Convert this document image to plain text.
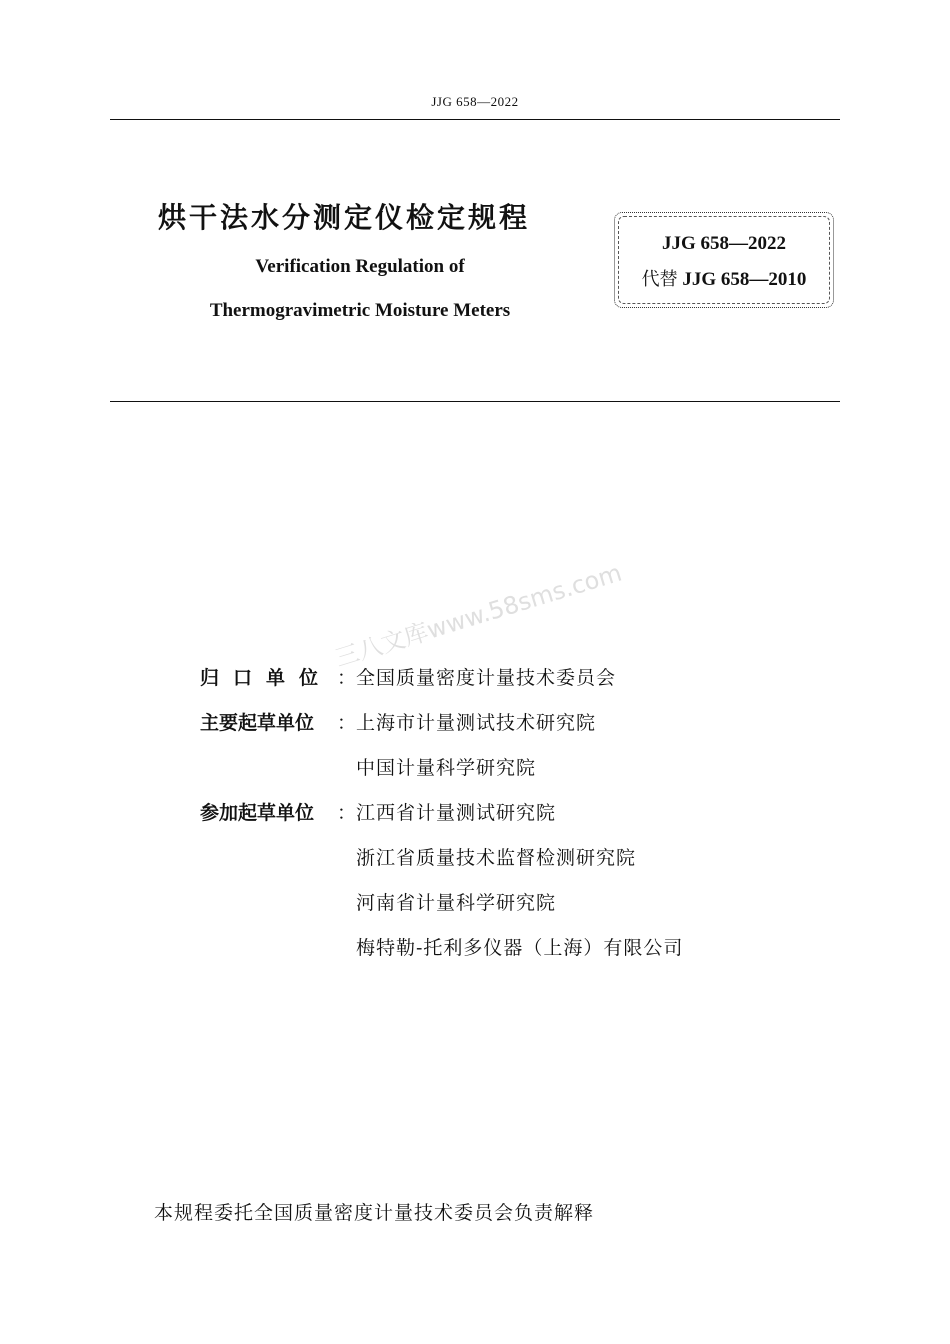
JJG 658—2022
烘干法水分测定仪检定规程
Verification Regulation of
Thermogravimetric Moisture Meters
JJG 658—2022
代替 JJG 658—2010
三八文库www.58sms.com
归口单位 ： 全国质量密度计量技术委员会
主要起草单位 ： 上海市计量测试技术研究院
中国计量科学研究院
参加起草单位 ： 江西省计量测试研究院
浙江省质量技术监督检测研究院
河南省计量科学研究院
梅特勒-托利多仪器（上海）有限公司
本规程委托全国质量密度计量技术委员会负责解释
